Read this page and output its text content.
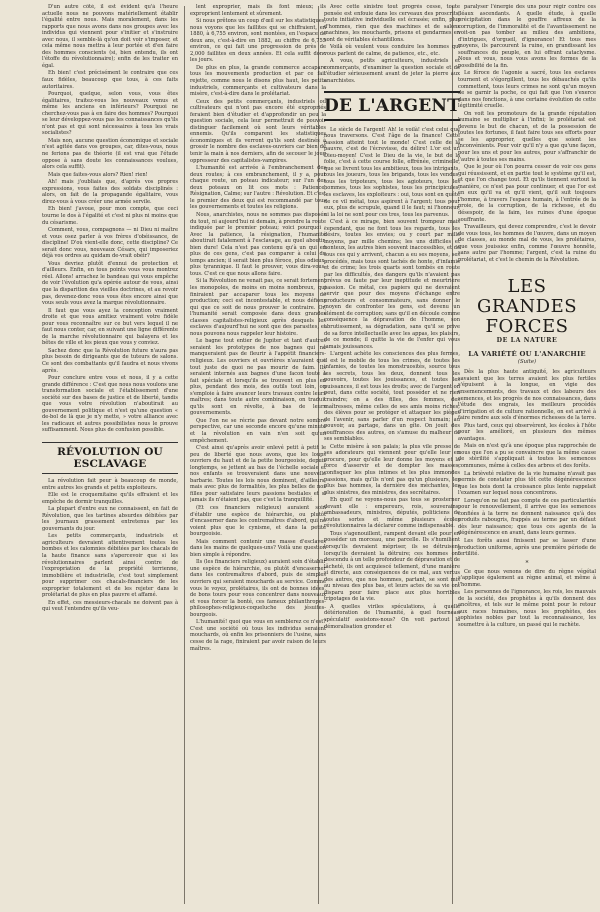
D'un autre côté, il est évident qu'à l'heure actuelle nous ne pouvons matériellement établir l'égalité entre nous. Mais moralement, dans les rapports que nous avons dans nos groupes avec les individus qui viennent pour s'initier et s'instruire avec nous, il semble-là qu'on doit voir s'imposer, et cela même nous mettra à leur portée et d'en faire des hommes conscients (si, bien entendu, ils ont l'étoffe du révolutionnaire); enfin de les traiter en égal.

Eh bien! c'est précisément le contraire que ces faux fidèles, beaucoup que tous, à ces faits autoritaires.

Pourquoi, quelque, selon vous, vous êtes égalitaires, traitez-vous les nouveaux venus et même les anciens en inférieurs? Pourquoi ne cherchez-vous pas à en faire des hommes? Pourquoi se leur développez-vous pas les connaissances qu'ils n'ont pas et qui sont nécessaires à tous les vrais socialistes?

Mais non, aucune question économique et sociale n'est agitée dans vos groupes, car, dites-vous, nous ne ferions pas de théorie (il est vrai que l'étude oppose à sans doute les connaissances voulues, alors cela suffit).

Mais que faites-vous alors? Rien! rien!

Ah! mais j'oubliais que, d'après vos propres expressions, vous faites des soldats disciplinés : alors, on fait de la propagande égalitaire, vous direz-vous à vous créer une armée servile.

Eh bien! j'avoue, pour mon compte, que ceci tourne le dos à l'égalité et c'est ni plus ni moins que du césarisme.

Comment, vous, compagnons — ni Dieu ni maître et vous osez parler à vos frères d'obéissance, de discipline! D'où vient-elle donc, cette discipline? Ce serait donc vous, nouveaux Césars, qui imposeriez déjà vos ordres au quidam de-vrait obéir?

Vous devriez plutôt d'ennui de protection et d'ailleurs. Enfin, en tous points vous vous montrez réel. Allons! arrachez le bandeau qui vous empêche de voir l'évolution qu'a opérée autour de vous, ainsi que la disparition des vieilles doctrines, et au revoir pas, devenez-donc vous vous êtes encore ainsi que vous seuls vous avez la marque révolutionnaire.

Il faut que vous ayez la conception vraiment droite et que vous amitiez vraiment votre fidèle pour vous reconnaître sur ce but vers lequel il ne faut nous conter, car, en suivant une ligne différente de la marche révolutionnaire qui balayera et les bêtes de ville et les pieux que vous y conviez.

Sachez donc que la Révolution future n'aura pas plus besoin de dirigeants que de tuteurs de salons. Ce sont des combattants qu'il faudra et nous vivons après.

Pour conclure entre vous et nous, il y a cette grande différence : C'est que nous nous voulons une transformation sociale et l'établissement d'une société sur des bases de justice et de liberté, tandis que vous votre révolution n'aboutirait au gouvernement politique et n'est qu'une question « de-bol de là que je n'y mette, » votre alliance avec les radicaux et autres possibilistes nous le prouve suffisamment. Nous plus de confusion possible.

RÉVOLUTION OU ESCLAVAGE

La révolution fait peur à beaucoup de monde, entre autres les grands et petits exploiteurs.

Elle est le croquemitaine qu'ils effraient et les empêche de dormir tranquilles.

La plupart d'entre eux ne connaissent, en fait de Révolution, que les tartines absurdes débitées par les journaux grassement entretenus par les gouvernants du jour.

Les petits commerçants, industriels et agriculteurs devraient attentivement toutes les bombes et les calomnies débitées par les chacals de la haute finance sans s'apercevoir que si les révolutionnaires parlent ainsi contre de l'expropriation de la propriété terrienne, immobilière et industrielle, c'est tout simplement pour supprimer ces chacals-financiers de les exproprier totalement et de les rejeter dans le prolétariat de plus en plus pauvre et affamé.

En effet, ces messieurs-chacals ne doivent pas à qui veut l'entendre qu'ils veu-

lent exproprier, mais ils font mieux; ils exproprient lentement et sûrement.

Si nous prêtons un coup d'œil sur les statistiques, nous voyons que les faillites qui se chiffraient, en 1880, à 6,755 environ, sont montées, en l'espace de deux ans, c'est-à-dire en 1882, au chiffre de 6,755 environ, ce qui fait une progression de près de 2,000 faillites en deux années. Et cela suffit donc les jours.

De plus en plus, la grande commerce accapare tous les mouvements production et par ce fait rejette, comme nous le disons plus haut, les petits industriels, commerçants et cultivateurs dans la misère, c'est-à-dire dans le prolétariat.

Ceux des petits commerçants, industriels ou cultivateurs qui n'ont pas encore été expropriés feraient bien d'étudier et d'approfondir un peu la question sociale, cela leur permettrait de pouvoir distinguer facilement où sont leurs véritables ennemis. Qu'ils comparent les statistiques économiques et ils verront qu'ils sont destinés à grossir le nombre des esclaves-ouvriers car bien de tenir la main à nos derniers, afin de secouer le joug oppresseur des capitalistes-vampires.

L'humanité est arrivée à l'embranchement des deux routes; à ces embranchement, il y a, pour chaque route, un poteau indicateur; sur l'un des deux poteaux on lit ces mots : Patience, Résignation, Calme; sur l'autre : Révolution. Et c'est le premier des deux qui est recommandé par tous les gouvernements et toutes les religions.

Nous, anarchistes, nous ne sommes pas disposés du tout, ni aujourd'hui ni demain, à prendre la route indiquée par le premier poteau; voici pourquoi : Avec la patience, la résignation, l'humanité aboutirait fatalement à l'esclavage, au quel aboutir, bien dure! Cela n'est pas contenu qu'à un qui en plus de ces gens, c'est pas comparer à celui du temps ancien; il serait bien plus féroce, plus odieux, plus tyrannique. Il faut le prouver, vous dira-vous-tous. C'est ce que nous allons faire.

Si la Révolution ne venait pas, ce serait fortement les monopoles, de moins en moins nombreux, qui finiraient par accaparer tous les moyens de production; ceci est incontestable, et nous défions qui que ce soit de nous prouver le contraire. Or, l'humanité serait composée dans deux grandes classes capitalistes-religieux après desquels les esclaves d'aujourd'hui ne sont que des parasites, et nous pouvons nous rappeler leur histoire.

Le bagne tout entier de Jupiter et tant d'autres seraient les prototypes de nos bagnes qui ne manqueraient pas de fleurir à l'appétit financiers-religieux. Les ouvriers et ouvrières n'auraient que tout juste de quoi ne pas mourir de faim. Ils seraient internés aux bagnes d'une facon toute à fait spéciale et lorsqu'ils se trouvent en plus en plus, pendant des mois, des outils tout loin, on s'emploie à faire avancer leurs travaux contre leurs maîtres; dans toute autre combinaison, on traduit qu'ils sont en révolte, à bas de leurs gouvernements.

Que l'on ne se récrie pas devant notre sombre perspective, car une seconde encore qu'une minute et la révolution en vain n'en soit qu'un empêchement.

C'est ainsi qu'après avoir enlevé petit à petit le peu de liberté que nous avons, que les loups ouvriers du haut et de la petite bourgeoisie, depuis longtemps, se jettent au bas de l'échelle sociale et nos enfants se trouveraient dans une nouvelle barbarie. Toutes les lois nous dominent, d'ailleurs, mais avec plus de formalités, les plus belles de nos filles pour satisfaire leurs passions bestiales et si jamais ils n'étaient pas, que c'est la tranquillité.

(Et ces financiers religieux) auraient soin d'établir une espèce de hiérarchie, ou plutôt d'encaserner dans les contremaîtres d'abord, qui ne voient plus que le cynisme, et dans la petite bourgeoisie.

Mais comment contenir une masse d'esclaves dans les mains de quelques-uns? Voilà une question bien simple à répondre.

Ils (les financiers religieux) auraient soin d'établir une espèce de hiérarchie, ou plutôt d'encaserner dans les contremaîtres d'abord, puis de simples ouvriers qui seraient mouchards au service. Comme vous le voyez, prolétaires, ils ont de bonnes idées, de bons tours pour vous concentrer dans nouveaux et vous forcer la bonté, ces fameux philanthropes-philosophes-religieux-coqueluche des jésuites-bourgeois.

L'humanité! quoi que vous en semblerez ce n'est? C'est une société où tous les individus seraient mouchards, où enfin les prisonniers de l'usine, sans cesse de la rage, finiraient par avoir raison de leurs maîtres.

Avec cette sinistre tout progrès cesse, toute pensée est enfouie dans les cerveaux des proscrits, toute initiative individuelle est écrasée; enfin, plus d'hommes, rien que des machines et de salons machines, les mouchards, prisons et gendarmes en sont de véritables échantillons.

Voilà où veulent vous conduire les hommes qui vous parlent de calme, de patience, etc., etc.

A vous, petits agriculteurs, industriels et commerçants, d'examiner la question sociale et de l'étudier sérieusement avant de jeter la pierre aux anarchistes.

DE L'ARGENT

Le siècle de l'argent! Ah! le voilà! c'est celui que nous traversons. C'est l'âge de la finance! Cette passion atteint tout le monde! C'est celle de la pauvre, c'est de l'écrevisse, du délire! L'or est un Dieu-moyen! C'est le Dieu de la vie, le but de la folie, c'est à cette course folle, effrénée, criminelle, que se livrent tous les ambitieux, tous les intrigants, tous les joueurs, tous les brigands, tous les vendus, tous les tripoteurs, tous les agioteurs, tous les hommes, tous les sophistes, tous les principicules, les esclaves, les exploiteurs : oui, tous sont en quête de ce vil métal, tous aspirent à l'argent; tous pour eux, plus de scrupule, quand il le faut; ni l'honneur, ni la loi ne sont pour ces tres, tous les parvenus.

C'est à ce mirage, bien souvent trompeur mais cependant, que ne font tous les regards, tous les désirs, toutes les envies; ou y court par mille moyens, par mille chemins; les uns difficiles et honteux, les autres bien souvent inaccessibles, et de tous ces qui y arrivent, chacun a eu ses moyens, ses procédés, mais tous sont tachés de honte, d'infamie et de crime; les trois quarts sont tombés en route par les difficultés, des dangers qu'ils n'avaient pas prévus ou faute par leur ineptitude et meurtrière passion. Ce métal, ces papiers qui ne devraient servir que pour des moyens d'échange entre producteurs et consommateurs, sans donner le moyen de confronter les gens, est devenu un élément de corruption; sans qu'il en découle comme conséquence la dépravation de l'homme, son abrutissement, sa dégradation, sans qu'il se prive de sa force intellectuelle avec les appas, les plaisirs, de ce monde; il quitte la vie de l'enfer qui vous jamais jouissances.

L'argent achète les consciences des plus fermes, il est le mobile de tous les crimes, de toutes les infamies, de toutes les monstruosités, source tous les secrets, tous les deux, donnent tous les pouvoirs, toutes les jouissances, et toutes les puissances, il est tous les droits; avec de l'argent on peut, dans cette société, tout posséder et ne rien craindre; on a des filles, des femmes, des maîtresses, même celles de ses amis moins riches; des élèves pour se protéger et attaquer les pièges de l'avenir, sans parler d'un respect humain; au pouvoir, au partage, dans un gîte. On jouit des souffrances des autres, on s'amuse du malheur de ses semblables.

Cette misère à son palais; la plus vile presse de ses adorateurs qui viennent pour qu'elle leur en procure, pour qu'elle leur donne les moyens et la force d'asservir et de dompter les masses, confisquer les plus intimes et les plus immondes passions, mais qu'ils n'ont pas qu'un plusieurs, les plus bas hommes, la dernière des méchantes, les plus sinistres, des ministres, des secrétaires.

Eh quoi! ne voyons-nous pas tous se prosterner devant elle : empereurs, rois, souverains, ambassadeurs, ministres, députés, politiciens de toutes sortes et même plusieurs écoles révolutionnaires la déclarer comme indispensable.

Tous s'agenouillent, rampent devant elle pour en posséder un morceau, une parcelle. Ils s'humilient lorsqu'ils devraient mépriser, ils se détruisent lorsqu'ils devraient la détruire; ces hommes ont descendu à un telle profondeur de dépravation et de lâcheté, ils ont acquiescé tellement, d'une manière si directe, aux conséquences de ce mal, aux vertus des autres, que nos hommes, partant, se sont mis au niveau des plus bas, et leurs actes de sa vie ont disparu pour faire place aux plus horribles tripotages de la vie.

A quelles viriles spéculations, à quelle détérioration de l'humanité, à quel fourneau spéculatif assistons-nous? On voit partout la démoralisation gronder et

paralyser l'énergie des uns pour régir contre ces fléaux ascendants. A quelle étude, à quelle précipitation dans le gouffre affreux de la corruption, de l'immoralité et de l'avantissement ne voit-on pas tomber au milieu des ambitions, d'intrigues, d'orgueil, d'ignorance! Et tous mes moyens, ils parcourent la ruine, en grandissant les souffrances du peuple, en lui offrant cataclysme. Nous et vous, nous vous avons les formes de la possibilité de la fin.

Le féroce de l'agonie a sacré, tous les esclaves tournent et s'égorgillent, tous les débauchés qu'ils commettent, tous leurs crimes ne sont qu'un moyen de se garnir la poche, ce qui fait que l'on s'exerce dans nos fonctions, à une certaine évolution de cette légitimité cruelle.

On voit les promoteurs de la grande réputation humaine se multiplier à l'infini; le prolétariat est devenu le but de chacun, et de la possession de toutes les fortunes, il faut faire tous ses efforts pour se les approprier, quelles que soient les inconvénients. Pour voir qu'il n'y a que qu'une façon, pour les uns et pour les autres, pour s'affranchir de l'autre à toutes ses mains.

Que le jour où l'on pourra cesser de voir ces gens qui réussissent, et en partie tout le système qu'il est, et que l'on change tout. Et qu'ils tiennent surtout la manière, ce n'est pas pour continuer, et que l'or est en eux qu'il va et qu'il vient, qu'il suit toujours l'homme, à travers l'espace humain, à l'entrée de la proie, de la corruption, de la richesse, et du désespoir, de la faim, les ruines d'une époque souffrante.

Travailleurs, qui devez comprendre, c'est le devoir de vous tous, les hommes de l'œuvre, dans un moyen de classes, au monde mal de vous, les prolétaires, que vous jouissiez enfin, comme l'œuvre honnête, sans autre par l'homme; l'argent, c'est la ruine du prolétariat, et c'est le chemin de la Révolution.

LES GRANDES FORCES
DE LA NATURE
LA VARIÉTÉ OU L'ANARCHIE
(Suite)

Dès la plus haute antiquité, les agriculteurs savaient que les terres avaient les plus fertiles s'épuisent à la longue, en vigie des ensemencements, des travaux et des labeurs des semences, et les progrès de nos connaissances, dans l'étude des engrais, les meilleurs procédés d'irrigation et de culture rationnelle, on est arrivé à faire rendre aux sols d'énormes richesses de la terre.

Plus tard, ceux qui observèrent, les écoles à l'hôte pour les amélioré, en plusieurs des mêmes avantages.

Mais on n'est qu'à une époque plus rapprochée de nous que l'on a pu se convaincre que la même cause de stérilité s'appliquait à toutes les semences communes, même à celles des arbres et des forêts.

La brièveté relative de la vie humaine n'avait pas permis de constater plus tôt cette dégénérescence que les bois dont la croissance plus lente rappelait l'examen sur lequel nous concentrons.

Lorsqu'on ne fait pas compte de ces particularités pour le renouvellement, il arrive que les semences confiées à la terre ne donnent naissance qu'à des produits rabougris, frappés au terme par un défaut dès leur naissance; que tous ces agents de la dégénérescence en avant, dans leurs germes.

Les forêts aussi finissent par se lasser d'une production uniforme, après une première période de fertilité.

*

Ce que nous venons de dire du règne végétal s'applique également au règne animal, et même à l'homme.

Les personnes de l'ignorance, les rois, les mauvais de la société, des prophètes à qu'ils donnent des ancêtres, et tels sur le même point pour le retour aux races humaines, nous les prophètes, des sophistes nobles par tout la reconnaissance, les soumettre à la culture, un passé qui le rachète.
